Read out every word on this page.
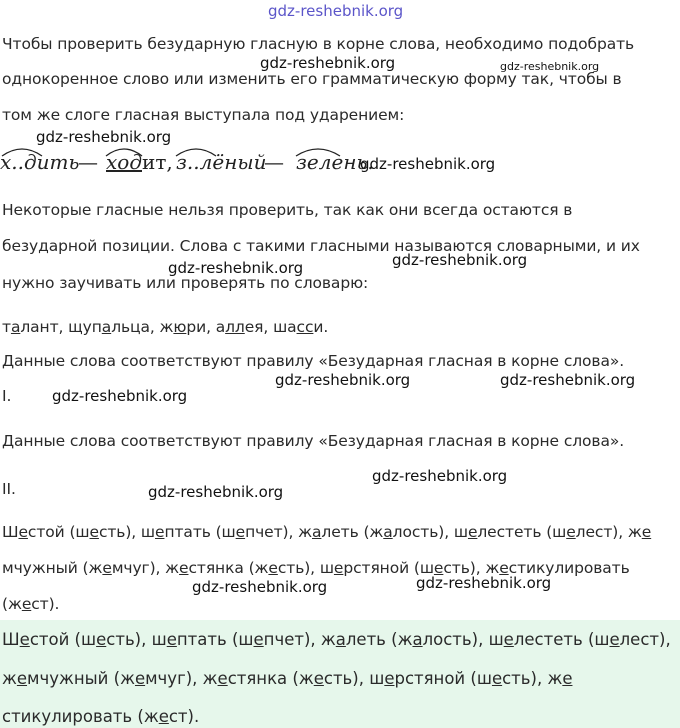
gdz-reshebnik.org
Чтобы проверить безударную гласную в корне слова, необходимо подобрать
однокоренное слово или изменить его грамматическую форму так, чтобы в
том же слоге гласная выступала под ударением:
gdz-reshebnik.org	gdz-reshebnik.org
gdz-reshebnik.org
х..дить
— ходит, з..лёный
— зелень.
gdz-reshebnik.org
Некоторые гласные нельзя проверить, так как они всегда остаются в
безударной позиции. Слова с такими гласными называются словарными, и их
нужно заучивать или проверять по словарю:
gdz-reshebnik.org	gdz-reshebnik.org
талант, щупальца, жюри, аллея, шасси.
Данные слова соответствуют правилу «Безударная гласная в корне слова».
gdz-reshebnik.org	gdz-reshebnik.org
I.	gdz-reshebnik.org
Данные слова соответствуют правилу «Безударная гласная в корне слова».
gdz-reshebnik.org
II.	gdz-reshebnik.org
Шестой (шесть), шептать (шепчет), жалеть (жалость), шелестеть (шелест), же
мчужный (жемчуг), жестянка (жесть), шерстяной (шесть), жестикулировать
(жест).
gdz-reshebnik.org	gdz-reshebnik.org
Шестой (шесть), шептать (шепчет), жалеть (жалость), шелестеть (шелест),
жемчужный (жемчуг), жестянка (жесть), шерстяной (шесть), же
стикулировать (жест).
